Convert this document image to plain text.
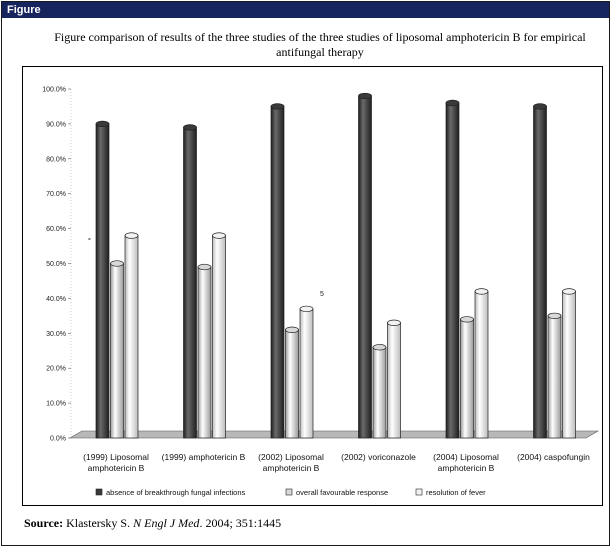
Figure
Figure comparison of results of the three studies of the three studies of liposomal amphotericin B for empirical antifungal therapy
0.0%
10.0%
20.0%
30.0%
40.0%
50.0%
60.0%
70.0%
80.0%
90.0%
100.0%
(1999) Liposomal amphotericin B
(1999) amphotericin B (2002) Liposomal amphotericin B
(2002) voriconazole (2004) Liposomal amphotericin B
(2004) caspofungin
-
5
absence of breakthrough fungal infections	overall favourable response	resolution of fever
Source: Klastersky S. N Engl J Med. 2004; 351:1445
